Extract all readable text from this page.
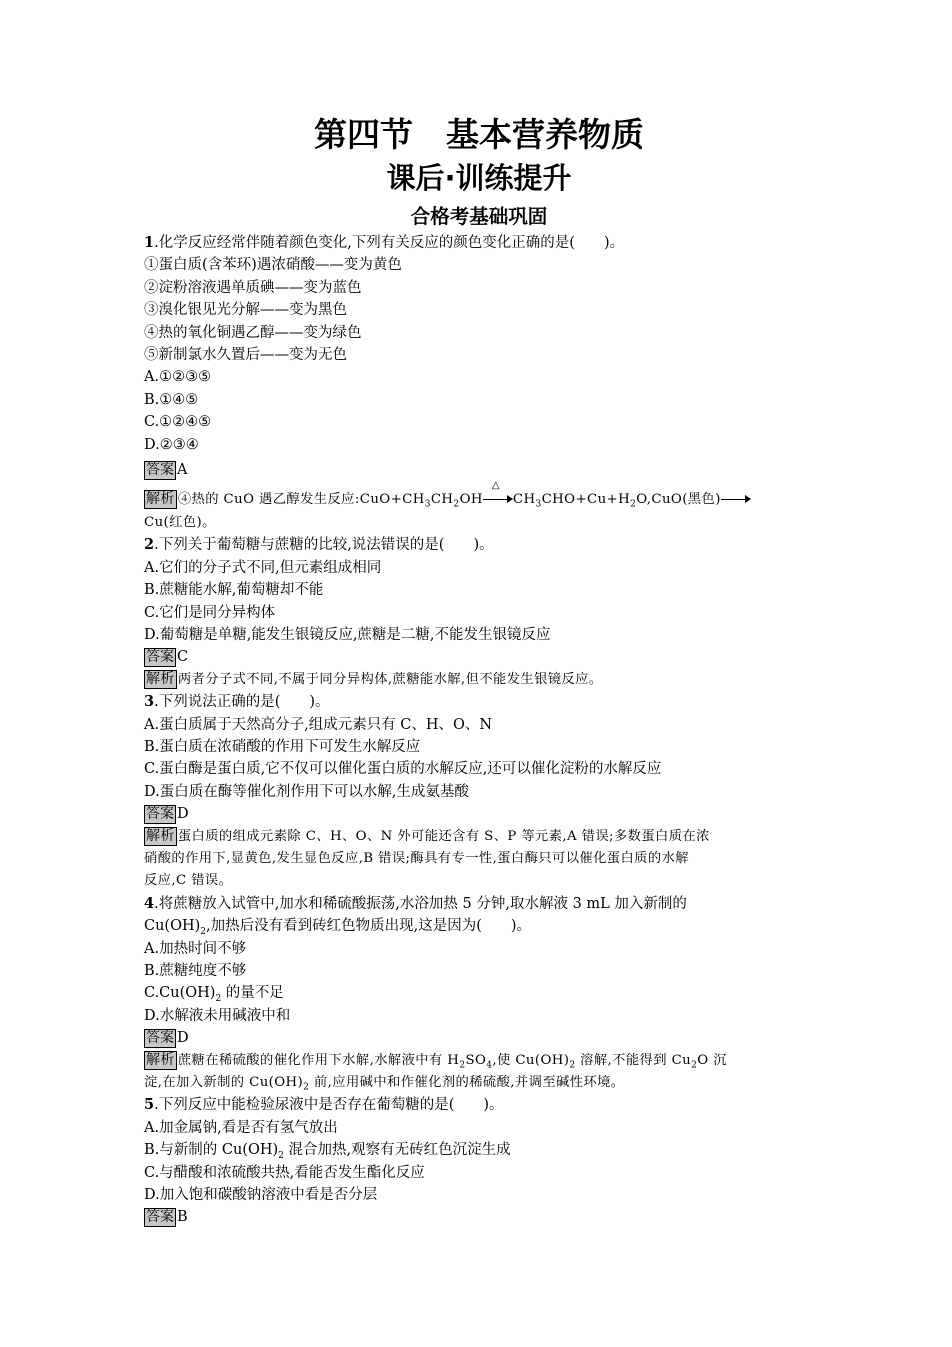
第四节　基本营养物质
课后·训练提升
合格考基础巩固
1.化学反应经常伴随着颜色变化,下列有关反应的颜色变化正确的是(　　)。
①蛋白质(含苯环)遇浓硝酸——变为黄色
②淀粉溶液遇单质碘——变为蓝色
③溴化银见光分解——变为黑色
④热的氧化铜遇乙醇——变为绿色
⑤新制氯水久置后——变为无色
A.①②③⑤
B.①④⑤
C.①②④⑤
D.②③④
答案 A
解析 ④热的 CuO 遇乙醇发生反应$:CuO+CH_3CH_2OH$
△
$CH_3CHO+Cu+H_2O,CuO$(黑色)
Cu(红色)。
2.下列关于葡萄糖与蔗糖的比较,说法错误的是(　　)。
A.它们的分子式不同,但元素组成相同
B.蔗糖能水解,葡萄糖却不能
C.它们是同分异构体
D.葡萄糖是单糖,能发生银镜反应,蔗糖是二糖,不能发生银镜反应
答案 C
解析 两者分子式不同,不属于同分异构体,蔗糖能水解,但不能发生银镜反应。
3.下列说法正确的是(　　)。
A.蛋白质属于天然高分子,组成元素只有 C、H、O、N
B.蛋白质在浓硝酸的作用下可发生水解反应
C.蛋白酶是蛋白质,它不仅可以催化蛋白质的水解反应,还可以催化淀粉的水解反应
D.蛋白质在酶等催化剂作用下可以水解,生成氨基酸
答案 D
解析 蛋白质的组成元素除 C、H、O、N 外可能还含有 S、P 等元素,A 错误;多数蛋白质在浓
硝酸的作用下,显黄色,发生显色反应,B 错误;酶具有专一性,蛋白酶只可以催化蛋白质的水解
反应,C 错误。
4.将蔗糖放入试管中,加水和稀硫酸振荡,水浴加热 5 分钟,取水解液 3 mL 加入新制的
$Cu(OH)_2$,加热后没有看到砖红色物质出现,这是因为(　　)。
A.加热时间不够
B.蔗糖纯度不够
$C.Cu(OH)_2$ 的量不足
D.水解液未用碱液中和
答案 D
解析 蔗糖在稀硫酸的催化作用下水解,水解液中有 $H_2SO_4$,使 $Cu(OH)_2$ 溶解,不能得到 $Cu_2O$ 沉
淀,在加入新制的 $Cu(OH)_2$ 前,应用碱中和作催化剂的稀硫酸,并调至碱性环境。
5.下列反应中能检验尿液中是否存在葡萄糖的是(　　)。
A.加金属钠,看是否有氢气放出
B.与新制的 $Cu(OH)_2$ 混合加热,观察有无砖红色沉淀生成
C.与醋酸和浓硫酸共热,看能否发生酯化反应
D.加入饱和碳酸钠溶液中看是否分层
答案 B
